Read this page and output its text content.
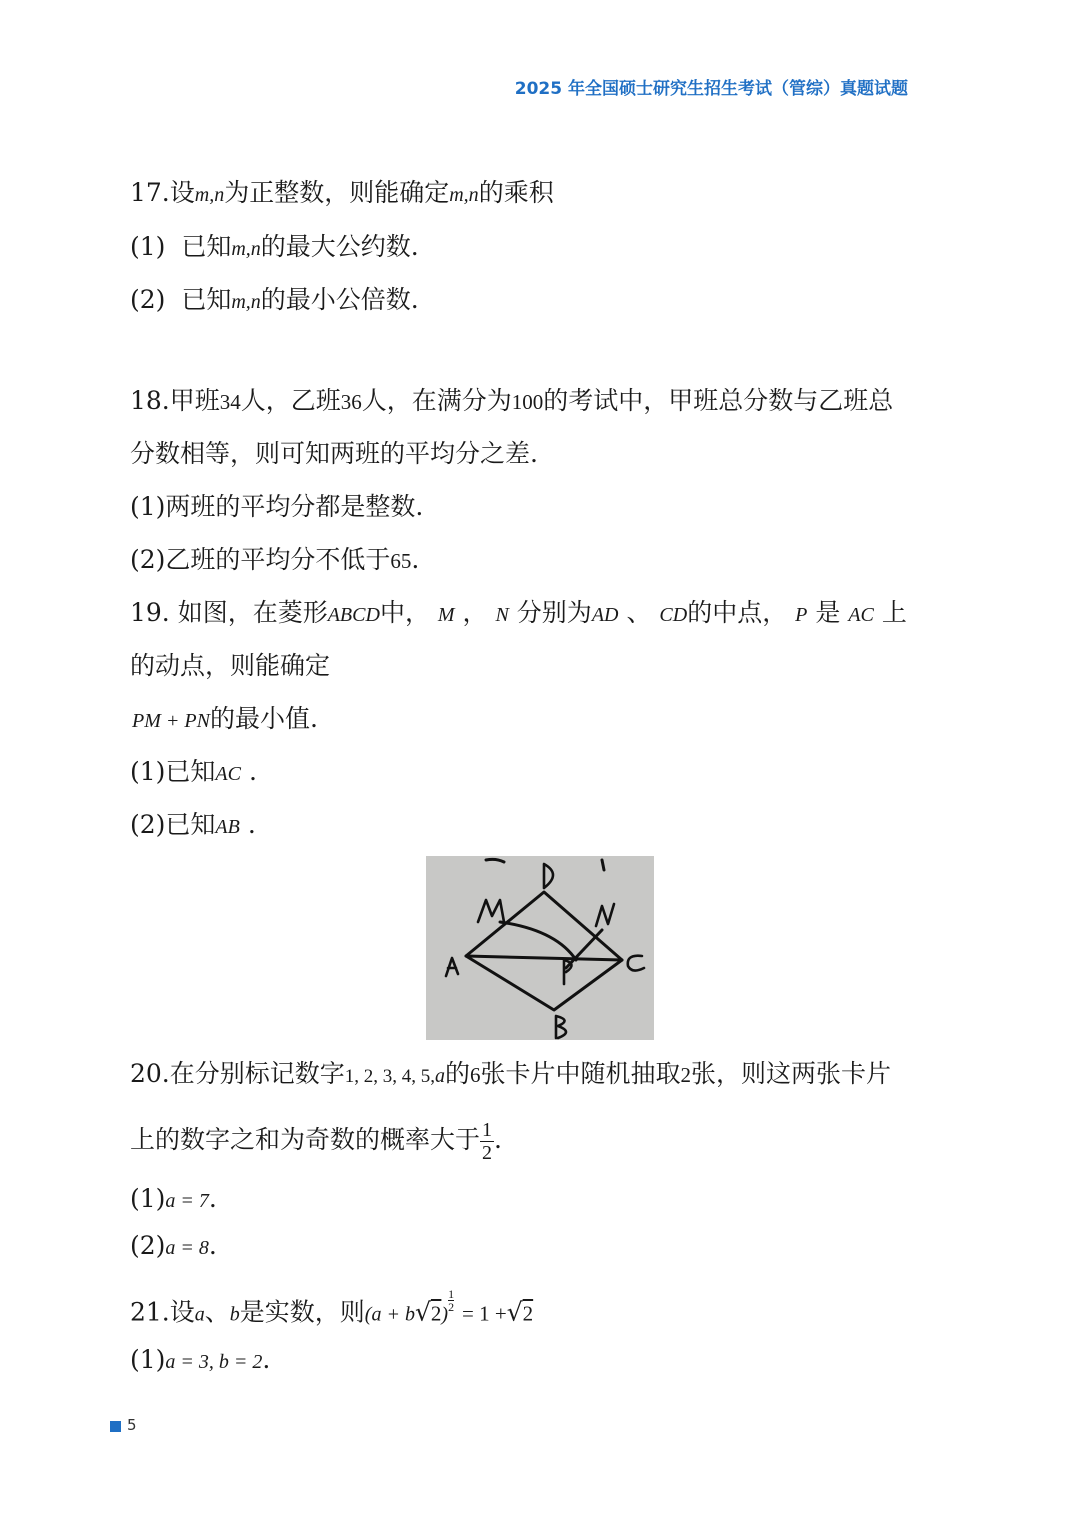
2025 年全国硕士研究生招生考试（管综）真题试题
17.设m,n为正整数，则能确定m,n的乘积
(1) 已知m,n的最大公约数.
(2) 已知m,n的最小公倍数.
18.甲班34人，乙班36人，在满分为100的考试中，甲班总分数与乙班总
分数相等，则可知两班的平均分之差.
(1)两班的平均分都是整数.
(2)乙班的平均分不低于65.
19. 如图，在菱形ABCD中， M ， N 分别为AD 、 CD的中点， P 是 AC 上
的动点，则能确定
PM + PN的最小值.
(1)已知AC .
(2)已知AB .
20.在分别标记数字1, 2, 3, 4, 5,a的6张卡片中随机抽取2张，则这两张卡片
上的数字之和为奇数的概率大于 $\frac{1}{2}$ .
(1)a = 7.
(2)a = 8.
21.设a、b是实数，则(a + b√2)
$\frac{1}{2}$
= 1 +√2
(1)a = 3, b = 2.
5
